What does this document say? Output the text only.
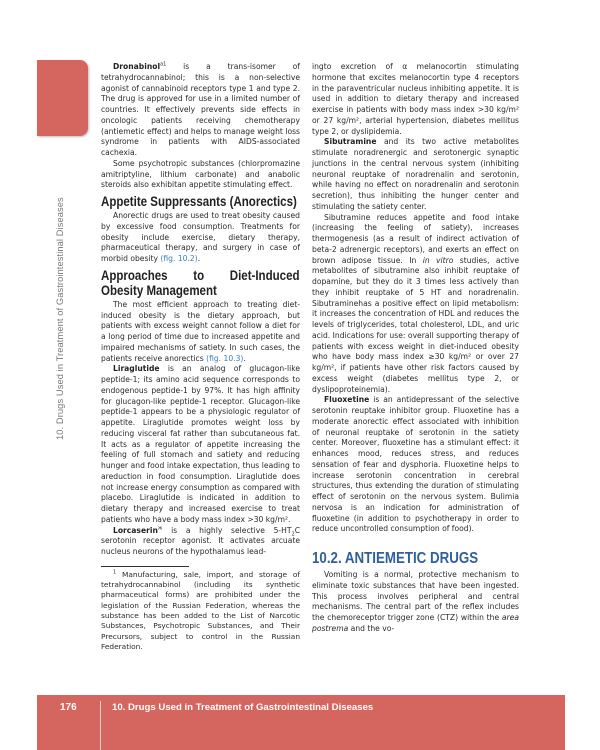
10. Drugs Used in Treatment of Gastrointestinal Diseases

Dronabinol$^{а1}$ is a trans-isomer of tetrahydrocannabinol; this is a non-selective agonist of cannabinoid receptors type 1 and type 2. The drug is approved for use in a limited number of countries. It effectively prevents side effects in oncologic patients receiving chemotherapy (antiemetic effect) and helps to manage weight loss syndrome in patients with AIDS-associated cachexia.

Some psychotropic substances (chlorpromazine amitriptyline, lithium carbonate) and anabolic steroids also exhibitan appetite stimulating effect.

Appetite Suppressants (Anorectics)

Anorectic drugs are used to treat obesity caused by excessive food consumption. Treatments for obesity include exercise, dietary therapy, pharmaceutical therapy, and surgery in case of morbid obesity (fig. 10.2).

Approaches to Diet-Induced Obesity Management

The most efficient approach to treating diet-induced obesity is the dietary approach, but patients with excess weight cannot follow a diet for a long period of time due to increased appetite and impaired mechanisms of satiety. In such cases, the patients receive anorectics (fig. 10.3).

Liraglutide is an analog of glucagon-like peptide-1; its amino acid sequence corresponds to endogenous peptide-1 by 97%. It has high affinity for glucagon-like peptide-1 receptor. Glucagon-like peptide-1 appears to be a physiologic regulator of appetite. Liraglutide promotes weight loss by reducing visceral fat rather than subcutaneous fat. It acts as a regulator of appetite increasing the feeling of full stomach and satiety and reducing hunger and food intake expectation, thus leading to areduction in food consumption. Liraglutide does not increase energy consumption as compared with placebo. Liraglutide is indicated in addition to dietary therapy and increased exercise to treat patients who have a body mass index >30 kg/m².

Lorcaserin$^ж$ is a highly selective $5-HT_2C$ serotonin receptor agonist. It activates arcuate nucleus neurons of the hypothalamus lead-

$^1$ Manufacturing, sale, import, and storage of tetrahydrocannabinol (including its synthetic pharmaceutical forms) are prohibited under the legislation of the Russian Federation, whereas the substance has been added to the List of Narcotic Substances, Psychotropic Substances, and Their Precursors, subject to control in the Russian Federation.

ingto excretion of α melanocortin stimulating hormone that excites melanocortin type 4 receptors in the paraventricular nucleus inhibiting appetite. It is used in addition to dietary therapy and increased exercise in patients with body mass index >30 kg/m² or 27 kg/m², arterial hypertension, diabetes mellitus type 2, or dyslipidemia.

Sibutramine and its two active metabolites stimulate noradrenergic and serotonergic synaptic junctions in the central nervous system (inhibiting neuronal reuptake of noradrenalin and serotonin, while having no effect on noradrenalin and serotonin secretion), thus inhibiting the hunger center and stimulating the satiety center.

Sibutramine reduces appetite and food intake (increasing the feeling of satiety), increases thermogenesis (as a result of indirect activation of beta-2 adrenergic receptors), and exerts an effect on brown adipose tissue. In in vitro studies, active metabolites of sibutramine also inhibit reuptake of dopamine, but they do it 3 times less actively than they inhibit reuptake of 5 HT and noradrenalin. Sibutraminehas a positive effect on lipid metabolism: it increases the concentration of HDL and reduces the levels of triglycerides, total cholesterol, LDL, and uric acid. Indications for use: overall supporting therapy of patients with excess weight in diet-induced obesity who have body mass index ≥30 kg/m² or over 27 kg/m², if patients have other risk factors caused by excess weight (diabetes mellitus type 2, or dyslipoproteinemia).

Fluoxetine is an antidepressant of the selective serotonin reuptake inhibitor group. Fluoxetine has a moderate anorectic effect associated with inhibition of neuronal reuptake of serotonin in the satiety center. Moreover, fluoxetine has a stimulant effect: it enhances mood, reduces stress, and reduces sensation of fear and dysphoria. Fluoxetine helps to increase serotonin concentration in cerebral structures, thus extending the duration of stimulating effect of serotonin on the nervous system. Bulimia nervosa is an indication for administration of fluoxetine (in addition to psychotherapy in order to reduce uncontrolled consumption of food).

10.2. ANTIEMETIC DRUGS

Vomiting is a normal, protective mechanism to eliminate toxic substances that have been ingested. This process involves peripheral and central mechanisms. The central part of the reflex includes the chemoreceptor trigger zone (CTZ) within the area postrema and the vo-

176	10. Drugs Used in Treatment of Gastrointestinal Diseases
